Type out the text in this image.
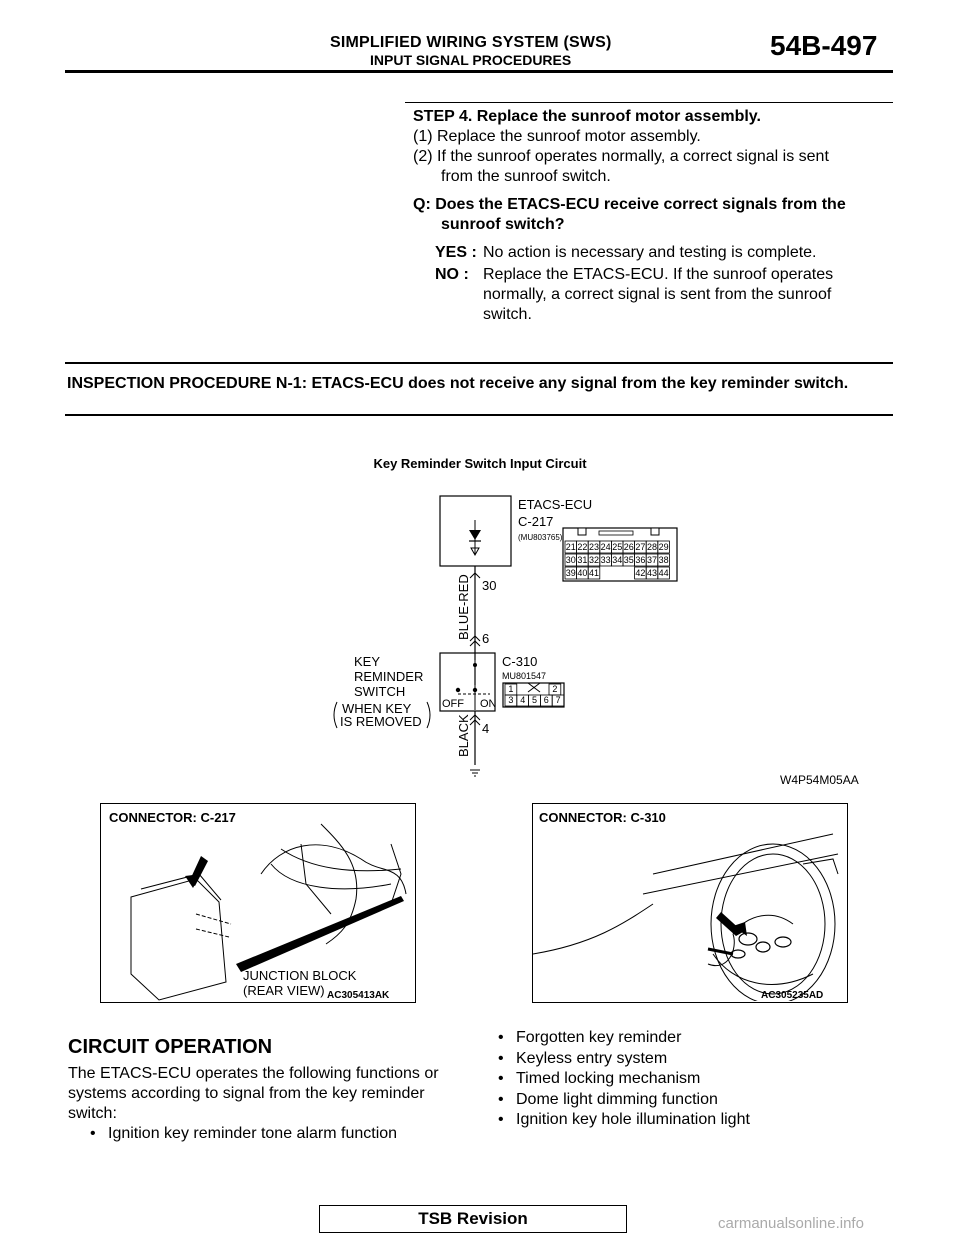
SIMPLIFIED WIRING SYSTEM (SWS)
INPUT SIGNAL PROCEDURES	54B-497

STEP 4. Replace the sunroof motor assembly.

(1) Replace the sunroof motor assembly.

(2) If the sunroof operates normally, a correct signal is sent

from the sunroof switch.

Q: Does the ETACS-ECU receive correct signals from the

sunroof switch?

YES : No action is necessary and testing is complete.
NO : Replace the ETACS-ECU. If the sunroof operates normally, a correct signal is sent from the sunroof switch.
INSPECTION PROCEDURE N-1: ETACS-ECU does not receive any signal from the key reminder switch.
Key Reminder Switch Input Circuit
ETACS-ECU
C-217
(MU803765)
21 22 23 24 25 26 27 28 29
30 31 32 33 34 35 36 37 38
39 40 41	42 43 44
30
6
BLUE-RED
OFF ON
KEY
REMINDER
SWITCH
WHEN KEY
IS REMOVED
C-310
MU801547
1	2
3 4 5 6 7
4
BLACK
W4P54M05AA
CONNECTOR: C-217
JUNCTION BLOCK
(REAR VIEW) AC305413AK
CONNECTOR: C-310
AC305235AD
CIRCUIT OPERATION
The ETACS-ECU operates the following functions or systems according to signal from the key reminder switch:
• Ignition key reminder tone alarm function
• Forgotten key reminder
• Keyless entry system
• Timed locking mechanism
• Dome light dimming function
• Ignition key hole illumination light
TSB Revision	carmanualsonline.info
